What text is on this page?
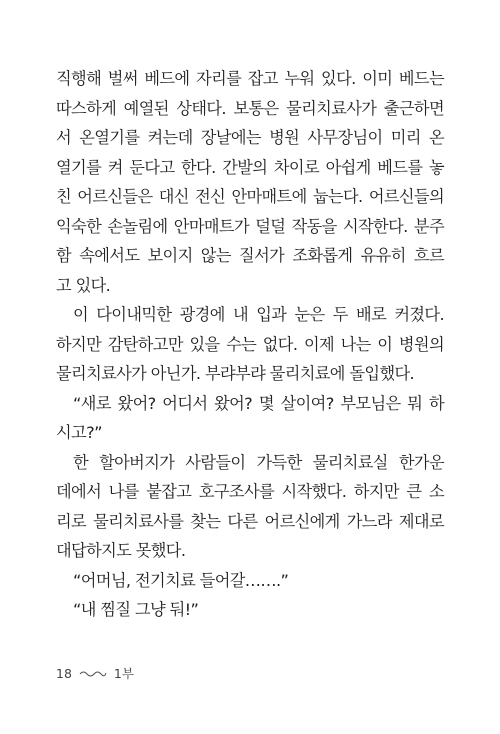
직행해 벌써 베드에 자리를 잡고 누워 있다. 이미 베드는
따스하게 예열된 상태다. 보통은 물리치료사가 출근하면
서 온열기를 켜는데 장날에는 병원 사무장님이 미리 온
열기를 켜 둔다고 한다. 간발의 차이로 아쉽게 베드를 놓
친 어르신들은 대신 전신 안마매트에 눕는다. 어르신들의
익숙한 손놀림에 안마매트가 덜덜 작동을 시작한다. 분주
함 속에서도 보이지 않는 질서가 조화롭게 유유히 흐르
고 있다.
이 다이내믹한 광경에 내 입과 눈은 두 배로 커졌다.
하지만 감탄하고만 있을 수는 없다. 이제 나는 이 병원의
물리치료사가 아닌가. 부랴부랴 물리치료에 돌입했다.
“새로 왔어? 어디서 왔어? 몇 살이여? 부모님은 뭐 하
시고?”
한 할아버지가 사람들이 가득한 물리치료실 한가운
데에서 나를 붙잡고 호구조사를 시작했다. 하지만 큰 소
리로 물리치료사를 찾는 다른 어르신에게 가느라 제대로
대답하지도 못했다.
“어머님, 전기치료 들어갈…….”
“내 찜질 그냥 둬!”
18	1부
